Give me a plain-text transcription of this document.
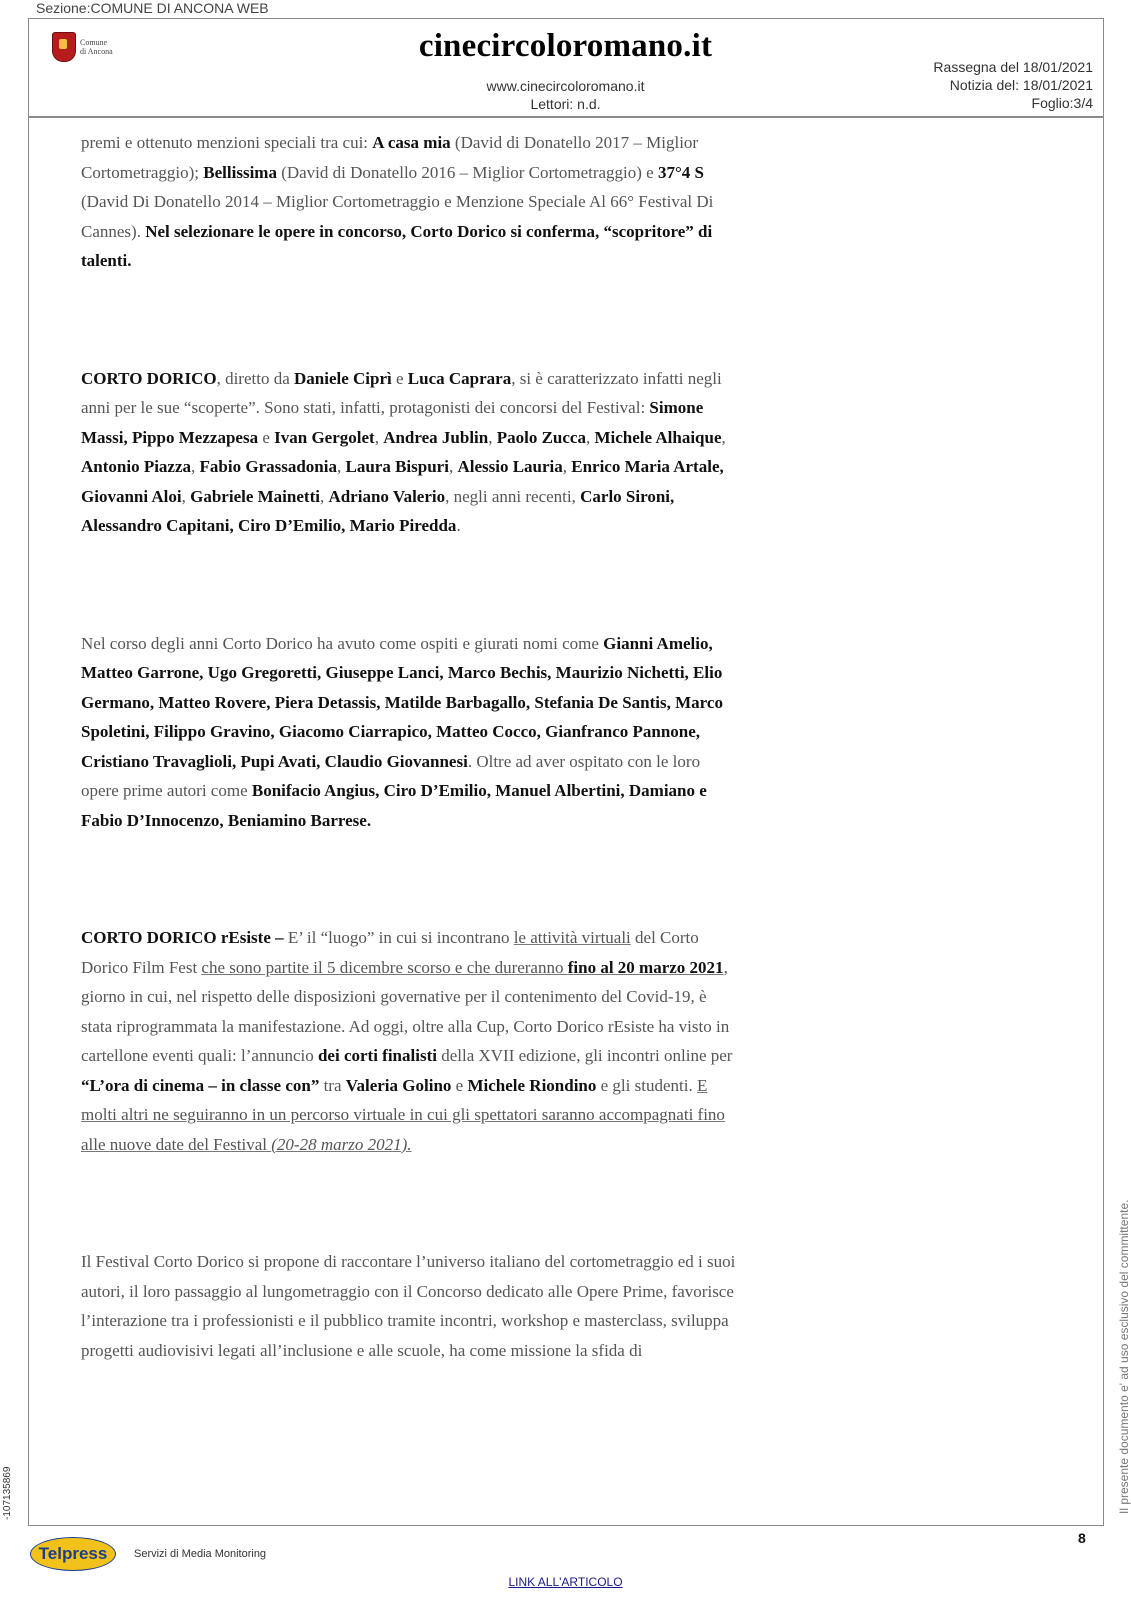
Sezione:COMUNE DI ANCONA WEB
Comune
di Ancona	cinecircoloromano.it
www.cinecircoloromano.it
Lettori: n.d.
Rassegna del 18/01/2021
Notizia del: 18/01/2021
Foglio:3/4

premi e ottenuto menzioni speciali tra cui: A casa mia (David di Donatello 2017 – Miglior Cortometraggio); Bellissima (David di Donatello 2016 – Miglior Cortometraggio) e 37°4 S (David Di Donatello 2014 – Miglior Cortometraggio e Menzione Speciale Al 66° Festival Di Cannes). Nel selezionare le opere in concorso, Corto Dorico si conferma, “scopritore” di talenti.

CORTO DORICO, diretto da Daniele Ciprì e Luca Caprara, si è caratterizzato infatti negli anni per le sue “scoperte”. Sono stati, infatti, protagonisti dei concorsi del Festival: Simone Massi, Pippo Mezzapesa e Ivan Gergolet, Andrea Jublin, Paolo Zucca, Michele Alhaique, Antonio Piazza, Fabio Grassadonia, Laura Bispuri, Alessio Lauria, Enrico Maria Artale, Giovanni Aloi, Gabriele Mainetti, Adriano Valerio, negli anni recenti, Carlo Sironi, Alessandro Capitani, Ciro D’Emilio, Mario Piredda.

Nel corso degli anni Corto Dorico ha avuto come ospiti e giurati nomi come Gianni Amelio, Matteo Garrone, Ugo Gregoretti, Giuseppe Lanci, Marco Bechis, Maurizio Nichetti, Elio Germano, Matteo Rovere, Piera Detassis, Matilde Barbagallo, Stefania De Santis, Marco Spoletini, Filippo Gravino, Giacomo Ciarrapico, Matteo Cocco, Gianfranco Pannone, Cristiano Travaglioli, Pupi Avati, Claudio Giovannesi. Oltre ad aver ospitato con le loro opere prime autori come Bonifacio Angius, Ciro D’Emilio, Manuel Albertini, Damiano e Fabio D’Innocenzo, Beniamino Barrese.

CORTO DORICO rEsiste – E’ il “luogo” in cui si incontrano le attività virtuali del Corto Dorico Film Fest che sono partite il 5 dicembre scorso e che dureranno fino al 20 marzo 2021, giorno in cui, nel rispetto delle disposizioni governative per il contenimento del Covid-19, è stata riprogrammata la manifestazione. Ad oggi, oltre alla Cup, Corto Dorico rEsiste ha visto in cartellone eventi quali: l’annuncio dei corti finalisti della XVII edizione, gli incontri online per “L’ora di cinema – in classe con” tra Valeria Golino e Michele Riondino e gli studenti. E molti altri ne seguiranno in un percorso virtuale in cui gli spettatori saranno accompagnati fino alle nuove date del Festival (20-28 marzo 2021).

Il Festival Corto Dorico si propone di raccontare l’universo italiano del cortometraggio ed i suoi autori, il loro passaggio al lungometraggio con il Concorso dedicato alle Opere Prime, favorisce l’interazione tra i professionisti e il pubblico tramite incontri, workshop e masterclass, sviluppa progetti audiovisivi legati all’inclusione e alle scuole, ha come missione la sfida di	Il presente documento e' ad uso esclusivo del committente.
-107135869
8
Telpress	Servizi di Media Monitoring
LINK ALL'ARTICOLO
